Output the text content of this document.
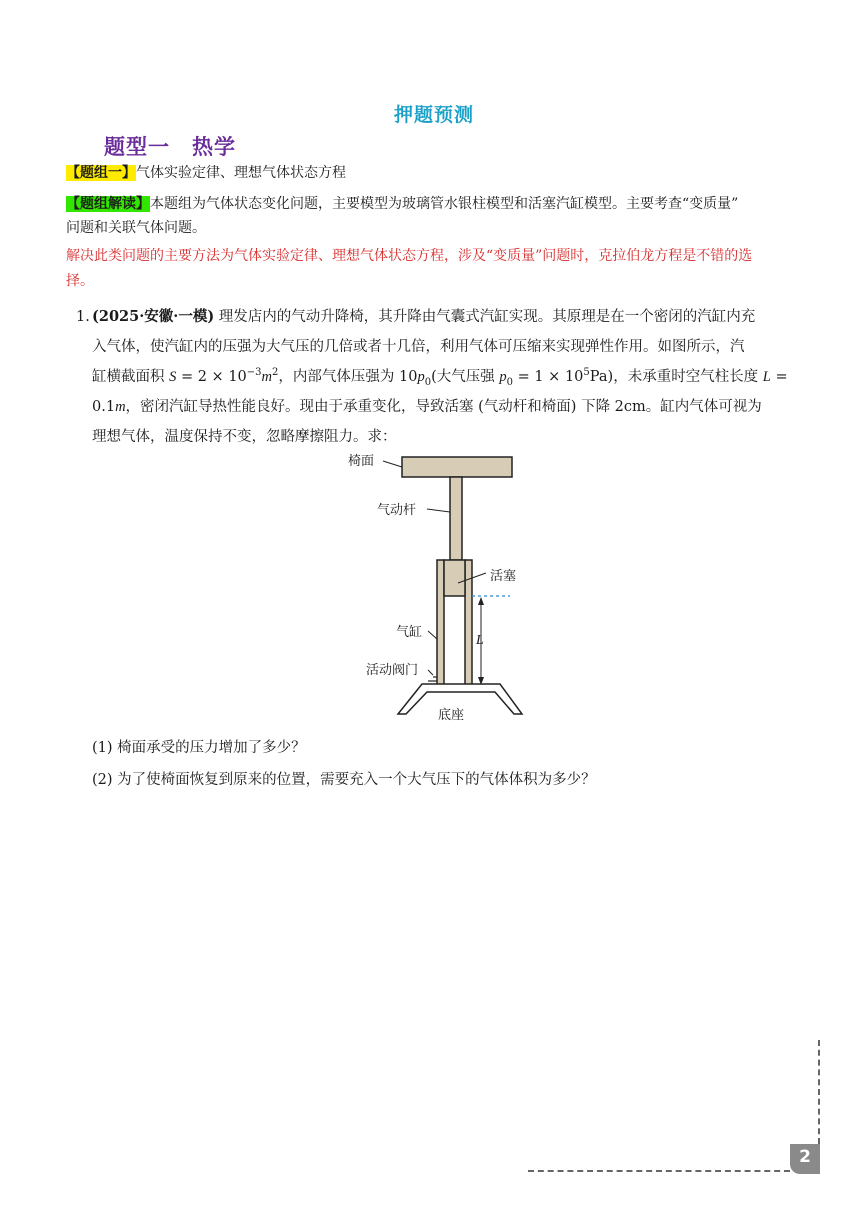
押题预测
题型一 热学
【题组一】气体实验定律、理想气体状态方程
【题组解读】本题组为气体状态变化问题，主要模型为玻璃管水银柱模型和活塞汽缸模型。主要考查“变质量”
问题和关联气体问题。
解决此类问题的主要方法为气体实验定律、理想气体状态方程，涉及“变质量”问题时，克拉伯龙方程是不错的选
择。
1. (2025·安徽·一模) 理发店内的气动升降椅，其升降由气囊式汽缸实现。其原理是在一个密闭的汽缸内充
入气体，使汽缸内的压强为大气压的几倍或者十几倍，利用气体可压缩来实现弹性作用。如图所示，汽
缸横截面积 $S = 2 \times 10^{-3}m^2$，内部气体压强为 $10p_0$(大气压强 $p_0 = 1 \times 10^5Pa$)，未承重时空气柱长度 L =
0.1m，密闭汽缸导热性能良好。现由于承重变化，导致活塞 (气动杆和椅面) 下降 2cm。缸内气体可视为
理想气体，温度保持不变，忽略摩擦阻力。求：
椅面
气动杆
活塞
气缸
活动阀门
底座
L
(1) 椅面承受的压力增加了多少？
(2) 为了使椅面恢复到原来的位置，需要充入一个大气压下的气体体积为多少？
2
